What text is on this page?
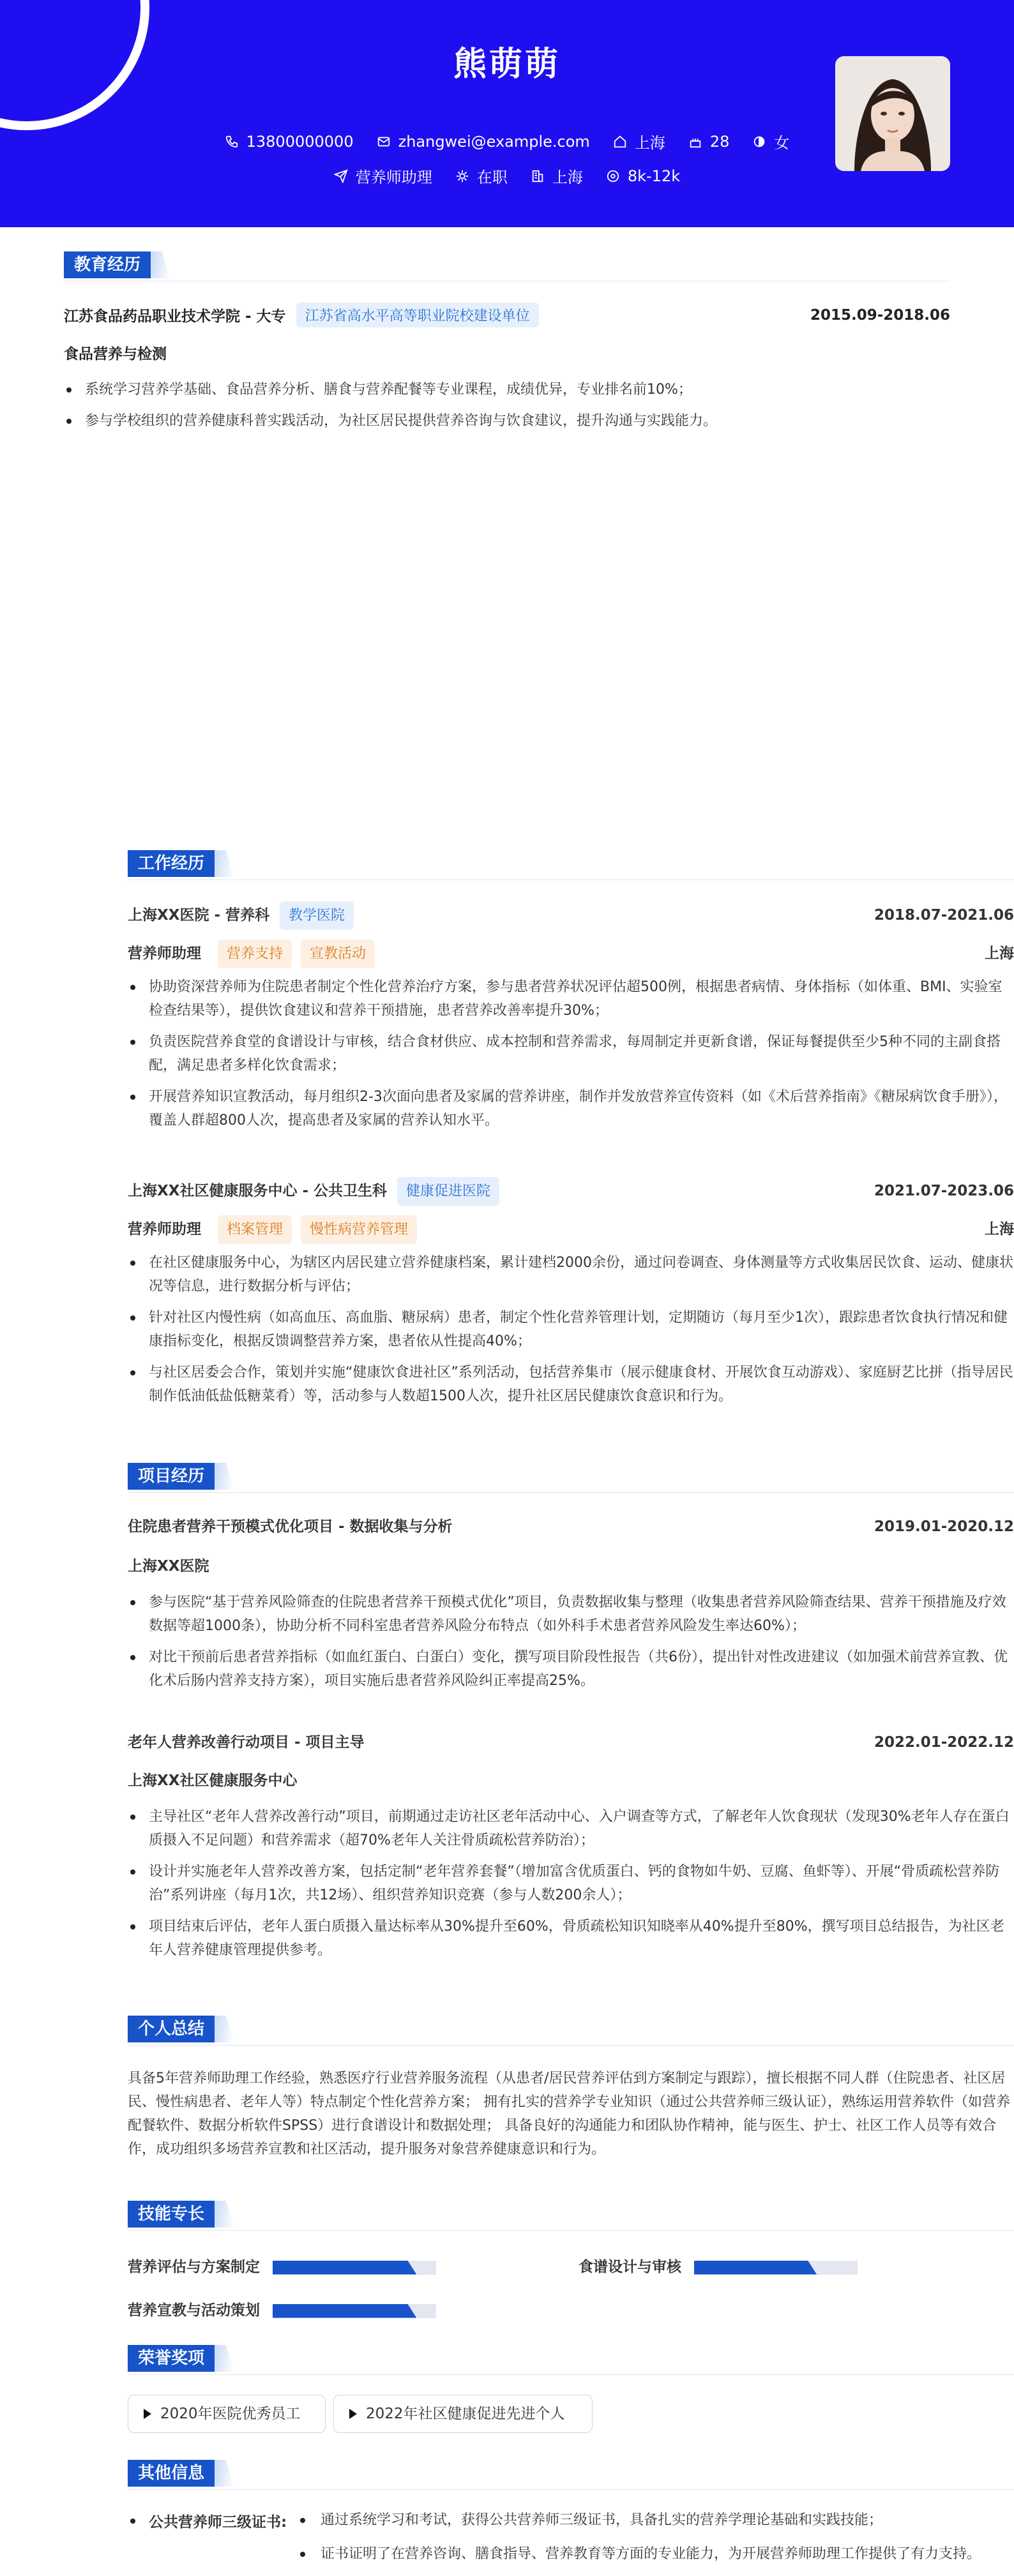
熊萌萌
13800000000	zhangwei@example.com	上海	28	女
营养师助理	在职	上海	8k-12k
教育经历
江苏食品药品职业技术学院 - 大专	江苏省高水平高等职业院校建设单位	2015.09-2018.06
食品营养与检测
系统学习营养学基础、食品营养分析、膳食与营养配餐等专业课程，成绩优异，专业排名前10%；
参与学校组织的营养健康科普实践活动，为社区居民提供营养咨询与饮食建议，提升沟通与实践能力。
工作经历
上海XX医院 - 营养科	教学医院	2018.07-2021.06
营养师助理	营养支持	宣教活动	上海
协助资深营养师为住院患者制定个性化营养治疗方案，参与患者营养状况评估超500例，根据患者病情、身体指标（如体重、BMI、实验室检查结果等），提供饮食建议和营养干预措施，患者营养改善率提升30%；
负责医院营养食堂的食谱设计与审核，结合食材供应、成本控制和营养需求，每周制定并更新食谱，保证每餐提供至少5种不同的主副食搭配，满足患者多样化饮食需求；
开展营养知识宣教活动，每月组织2-3次面向患者及家属的营养讲座，制作并发放营养宣传资料（如《术后营养指南》《糖尿病饮食手册》），覆盖人群超800人次，提高患者及家属的营养认知水平。
上海XX社区健康服务中心 - 公共卫生科	健康促进医院	2021.07-2023.06
营养师助理	档案管理	慢性病营养管理	上海
在社区健康服务中心，为辖区内居民建立营养健康档案，累计建档2000余份，通过问卷调查、身体测量等方式收集居民饮食、运动、健康状况等信息，进行数据分析与评估；
针对社区内慢性病（如高血压、高血脂、糖尿病）患者，制定个性化营养管理计划，定期随访（每月至少1次），跟踪患者饮食执行情况和健康指标变化，根据反馈调整营养方案，患者依从性提高40%；
与社区居委会合作，策划并实施“健康饮食进社区”系列活动，包括营养集市（展示健康食材、开展饮食互动游戏）、家庭厨艺比拼（指导居民制作低油低盐低糖菜肴）等，活动参与人数超1500人次，提升社区居民健康饮食意识和行为。
项目经历
住院患者营养干预模式优化项目 - 数据收集与分析	2019.01-2020.12
上海XX医院
参与医院“基于营养风险筛查的住院患者营养干预模式优化”项目，负责数据收集与整理（收集患者营养风险筛查结果、营养干预措施及疗效数据等超1000条），协助分析不同科室患者营养风险分布特点（如外科手术患者营养风险发生率达60%）；
对比干预前后患者营养指标（如血红蛋白、白蛋白）变化，撰写项目阶段性报告（共6份），提出针对性改进建议（如加强术前营养宣教、优化术后肠内营养支持方案），项目实施后患者营养风险纠正率提高25%。
老年人营养改善行动项目 - 项目主导	2022.01-2022.12
上海XX社区健康服务中心
主导社区“老年人营养改善行动”项目，前期通过走访社区老年活动中心、入户调查等方式，了解老年人饮食现状（发现30%老年人存在蛋白质摄入不足问题）和营养需求（超70%老年人关注骨质疏松营养防治）；
设计并实施老年人营养改善方案，包括定制“老年营养套餐”（增加富含优质蛋白、钙的食物如牛奶、豆腐、鱼虾等）、开展“骨质疏松营养防治”系列讲座（每月1次，共12场）、组织营养知识竞赛（参与人数200余人）；
项目结束后评估，老年人蛋白质摄入量达标率从30%提升至60%，骨质疏松知识知晓率从40%提升至80%，撰写项目总结报告，为社区老年人营养健康管理提供参考。
个人总结
具备5年营养师助理工作经验，熟悉医疗行业营养服务流程（从患者/居民营养评估到方案制定与跟踪），擅长根据不同人群（住院患者、社区居民、慢性病患者、老年人等）特点制定个性化营养方案； 拥有扎实的营养学专业知识（通过公共营养师三级认证），熟练运用营养软件（如营养配餐软件、数据分析软件SPSS）进行食谱设计和数据处理； 具备良好的沟通能力和团队协作精神，能与医生、护士、社区工作人员等有效合作，成功组织多场营养宣教和社区活动，提升服务对象营养健康意识和行为。
技能专长
营养评估与方案制定	食谱设计与审核
营养宣教与活动策划
荣誉奖项
2020年医院优秀员工	2022年社区健康促进先进个人
其他信息
公共营养师三级证书:	通过系统学习和考试，获得公共营养师三级证书，具备扎实的营养学理论基础和实践技能；
证书证明了在营养咨询、膳食指导、营养教育等方面的专业能力，为开展营养师助理工作提供了有力支持。
